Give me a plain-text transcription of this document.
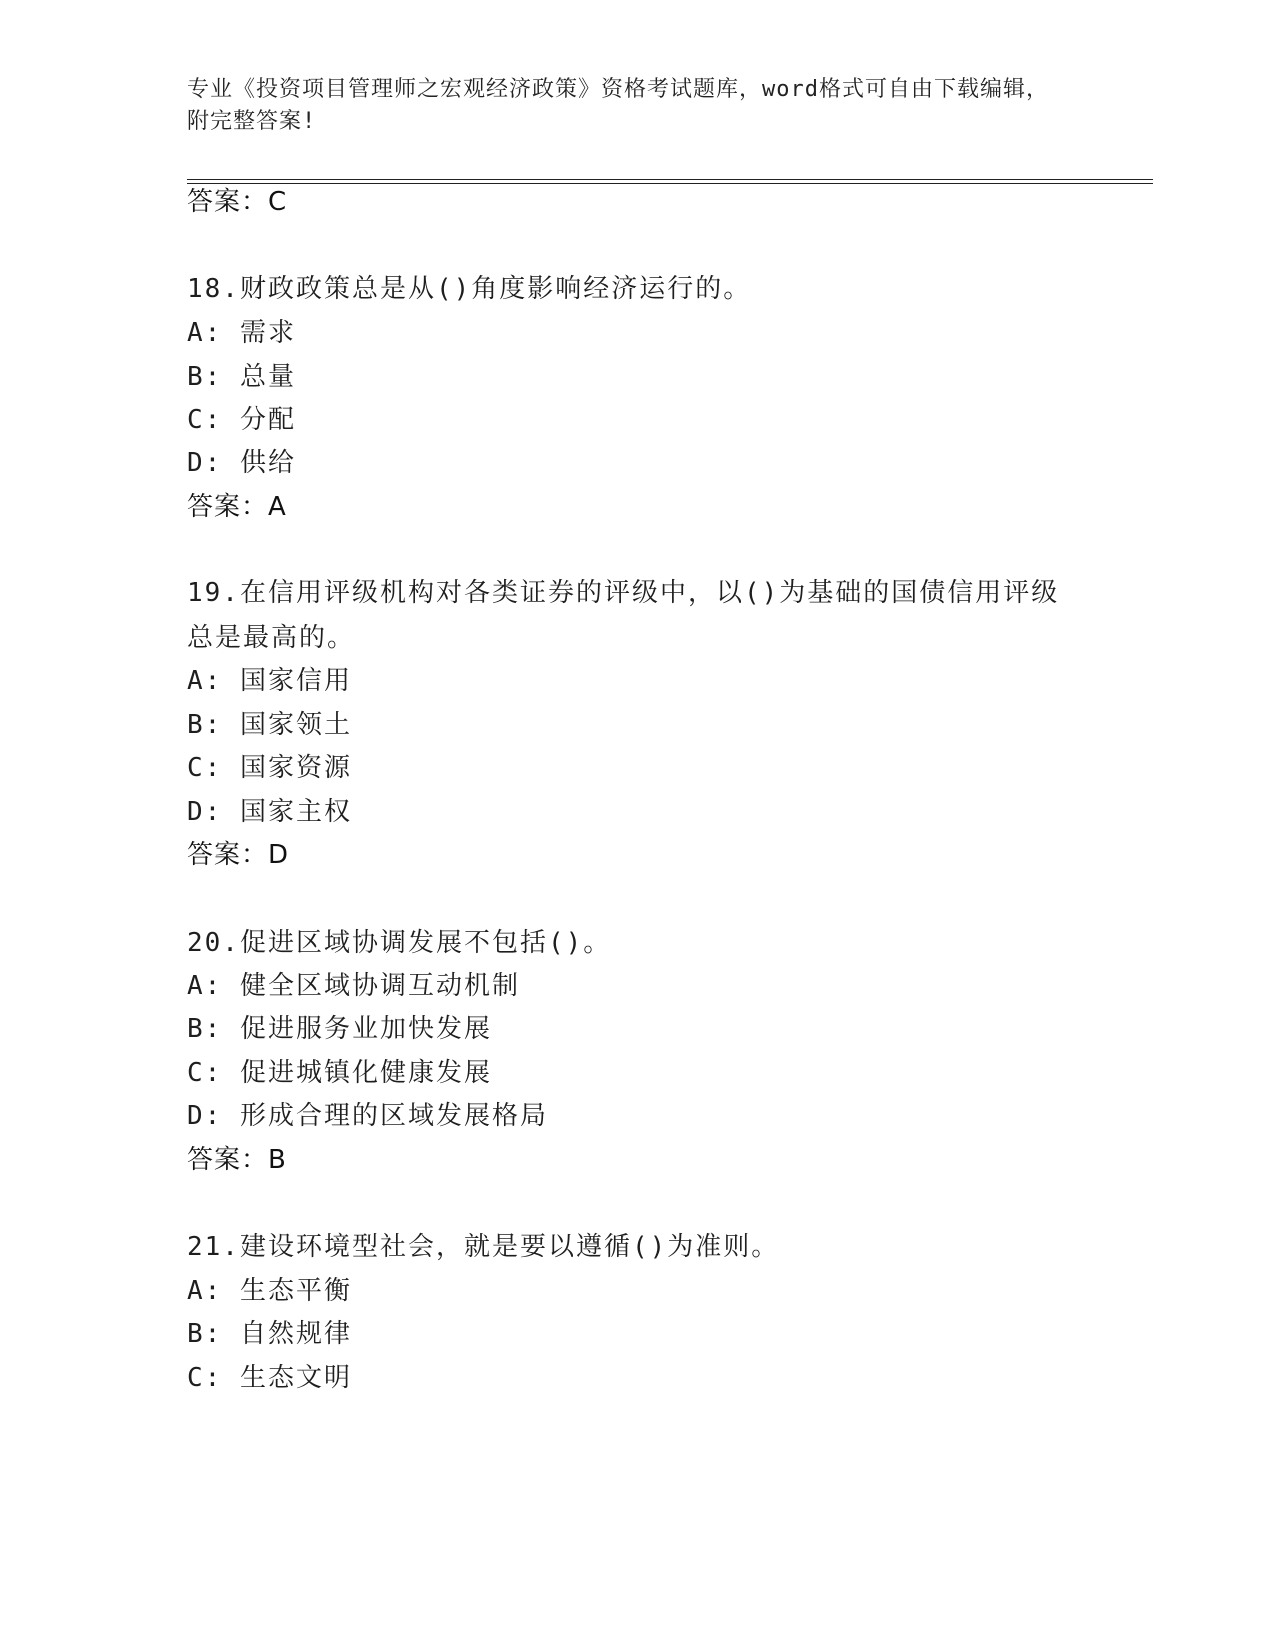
专业《投资项目管理师之宏观经济政策》资格考试题库，word格式可自由下载编辑，附完整答案!
答案：C
18.财政政策总是从()角度影响经济运行的。
A: 需求
B: 总量
C: 分配
D: 供给
答案：A
19.在信用评级机构对各类证券的评级中，以()为基础的国债信用评级总是最高的。
A: 国家信用
B: 国家领土
C: 国家资源
D: 国家主权
答案：D
20.促进区域协调发展不包括()。
A: 健全区域协调互动机制
B: 促进服务业加快发展
C: 促进城镇化健康发展
D: 形成合理的区域发展格局
答案：B
21.建设环境型社会，就是要以遵循()为准则。
A: 生态平衡
B: 自然规律
C: 生态文明
